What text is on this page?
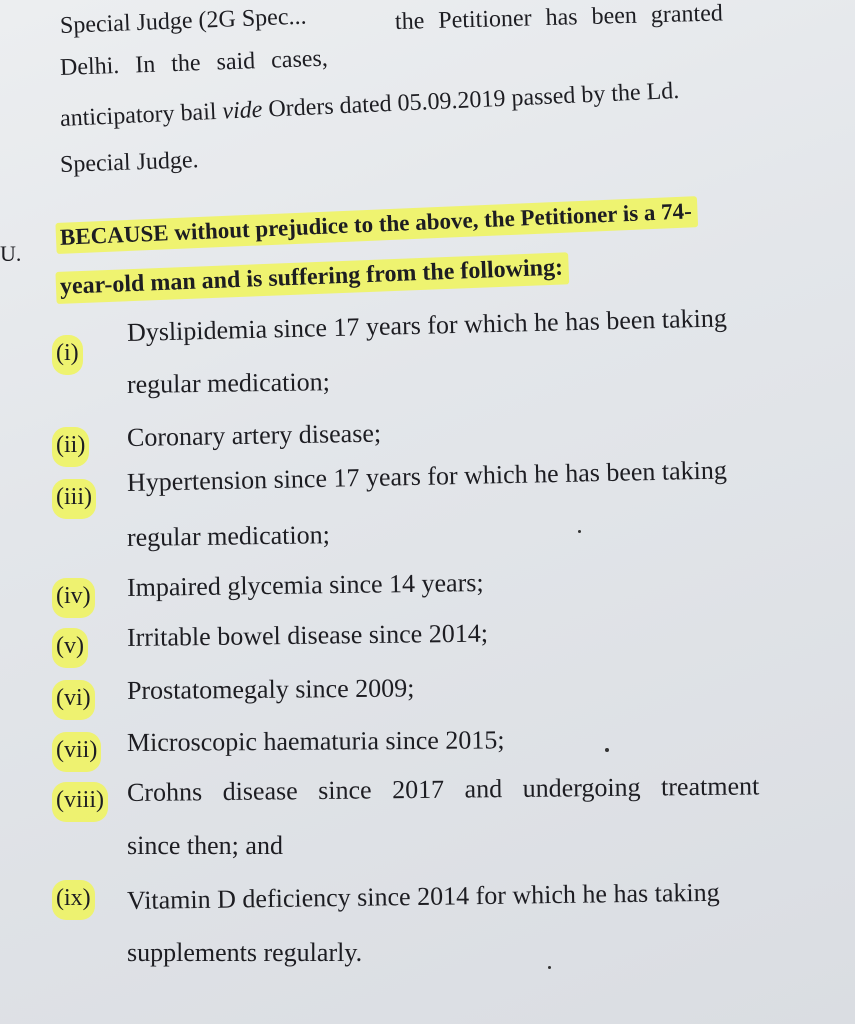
Special Judge (2G Spec...	the Petitioner has been granted
Delhi. In the said cases,
anticipatory bail vide Orders dated 05.09.2019 passed by the Ld.
Special Judge.
U.
BECAUSE without prejudice to the above, the Petitioner is a 74-
year-old man and is suffering from the following:
(i)
Dyslipidemia since 17 years for which he has been taking
regular medication;
(ii) Coronary artery disease;
(iii)
Hypertension since 17 years for which he has been taking
regular medication;
(iv) Impaired glycemia since 14 years;
(v) Irritable bowel disease since 2014;
(vi) Prostatomegaly since 2009;
(vii) Microscopic haematuria since 2015;
(viii) Crohns disease since 2017 and undergoing treatment
since then; and
(ix) Vitamin D deficiency since 2014 for which he has taking
supplements regularly.
